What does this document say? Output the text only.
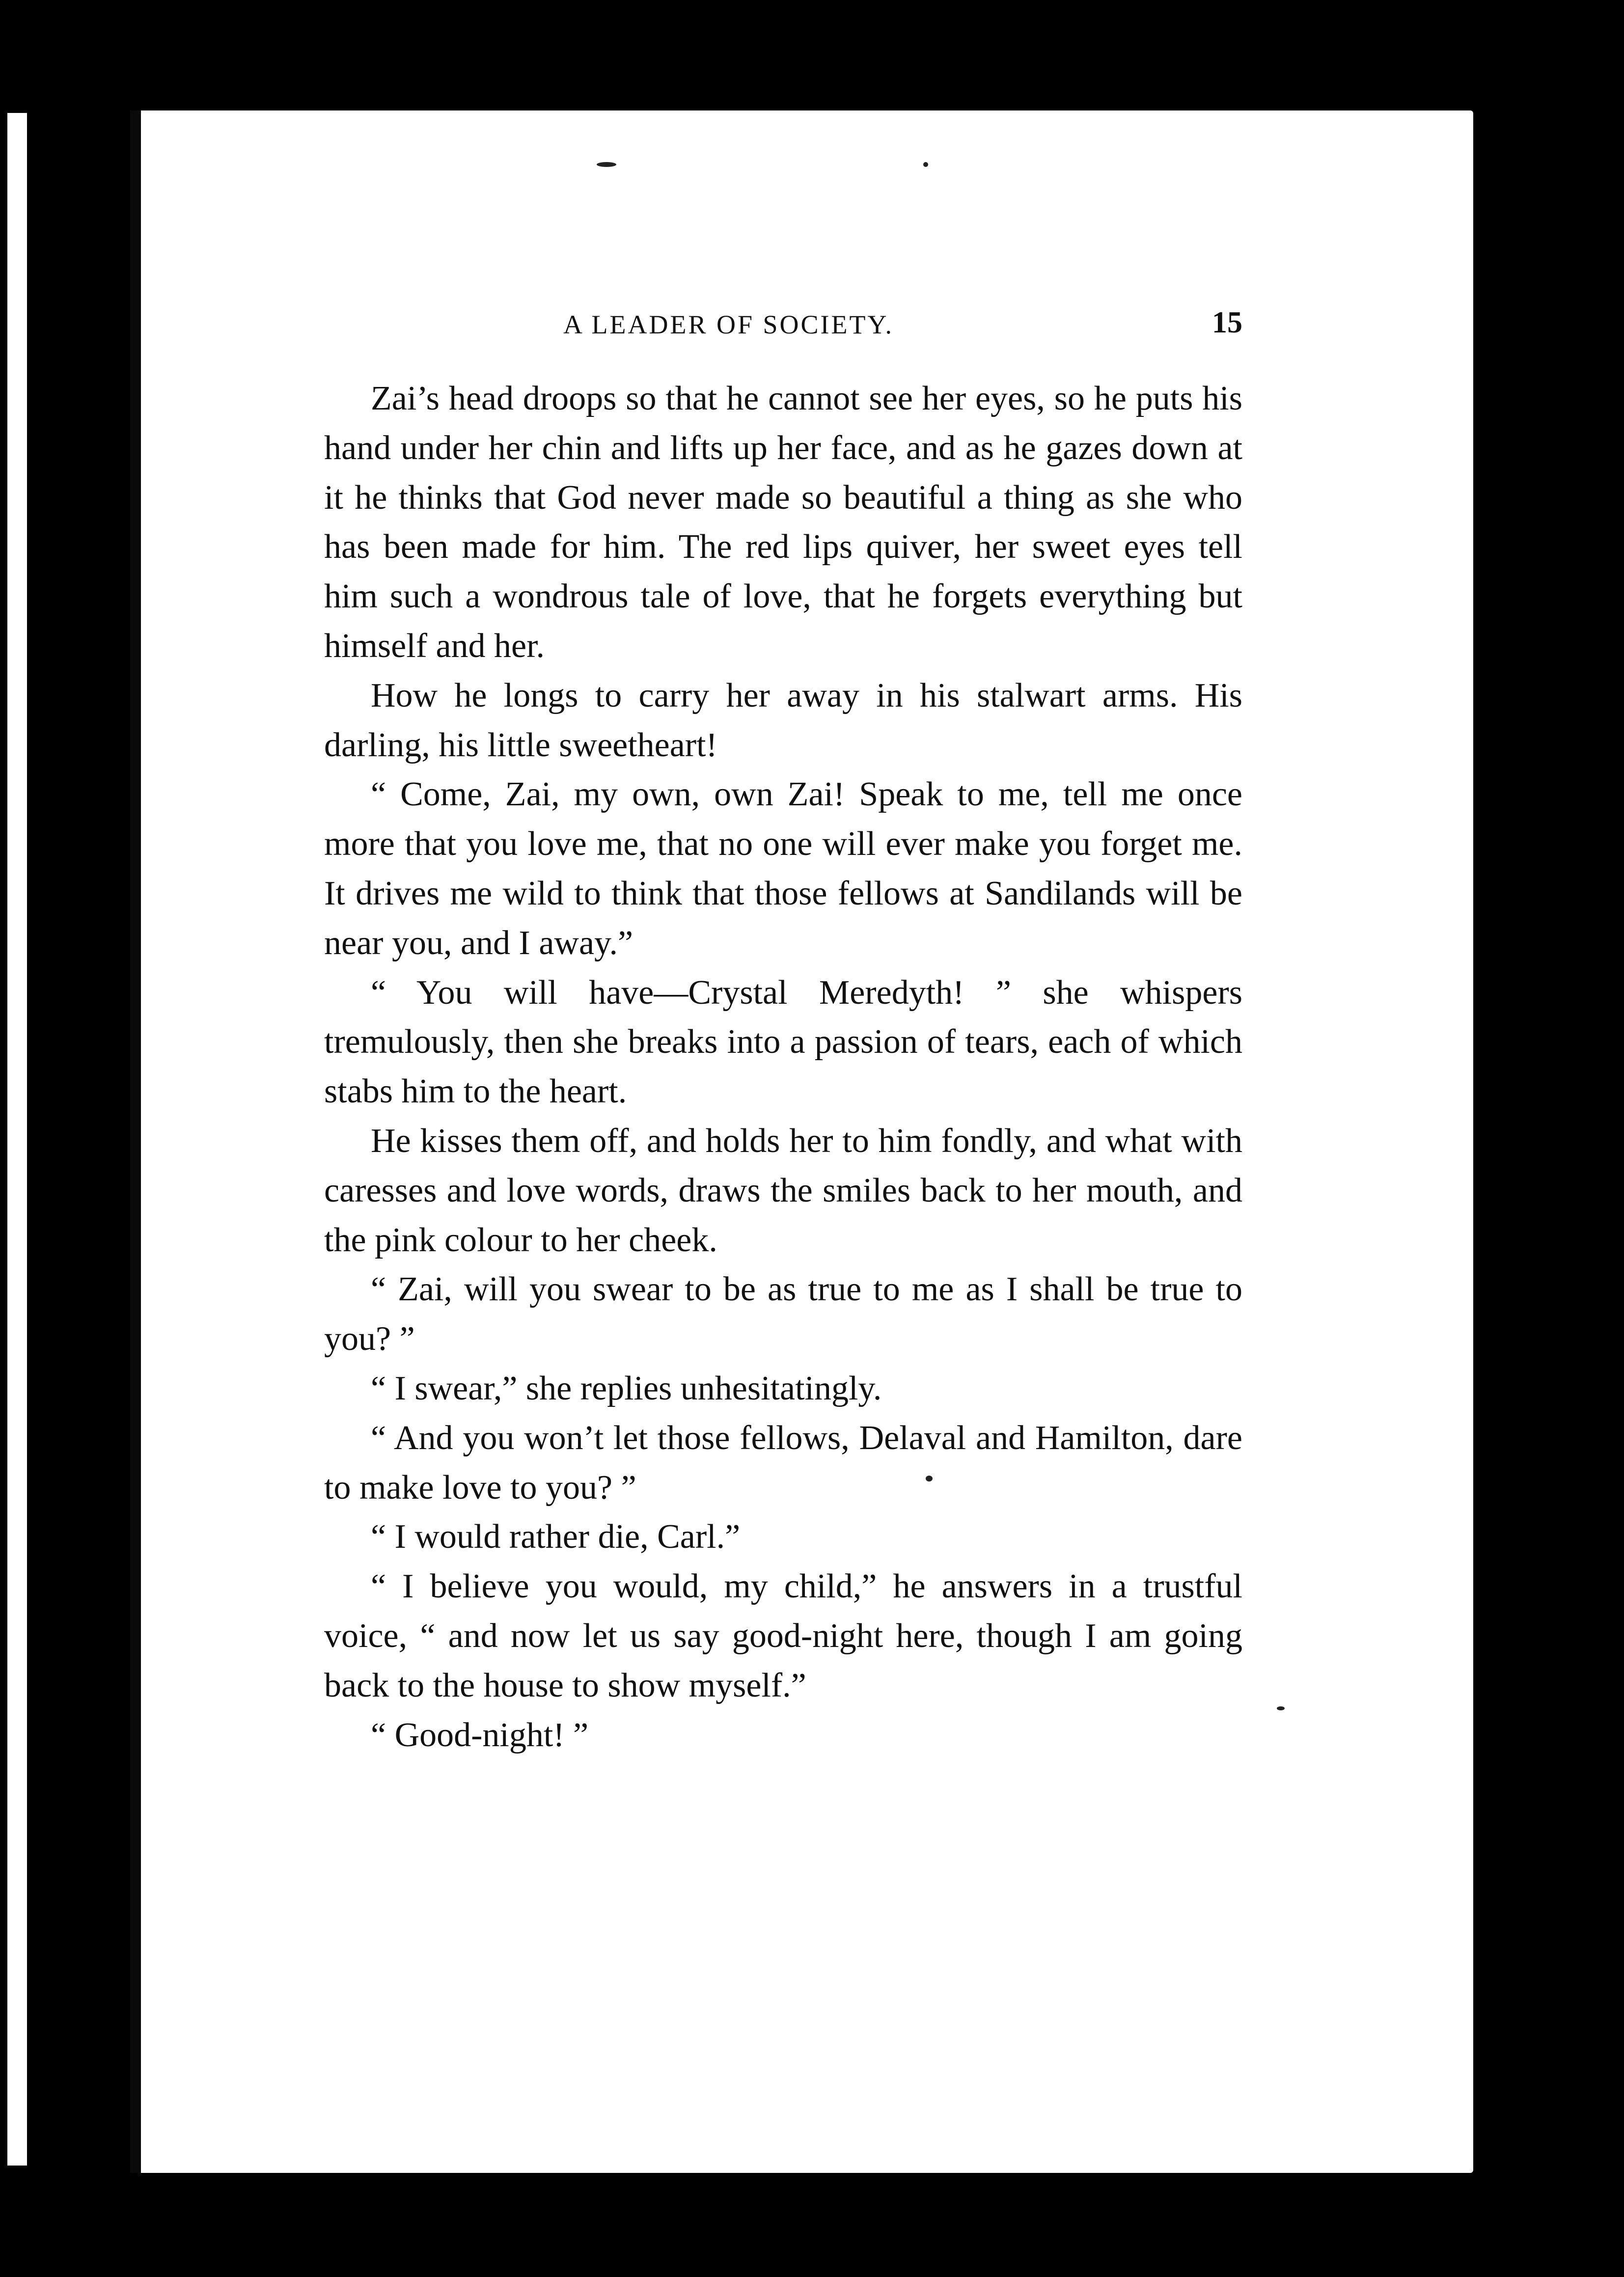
A LEADER OF SOCIETY.	15

Zai’s head droops so that he cannot see her eyes, so he puts his hand under her chin and lifts up her face, and as he gazes down at it he thinks that God never made so beautiful a thing as she who has been made for him. The red lips quiver, her sweet eyes tell him such a wondrous tale of love, that he forgets everything but himself and her.

How he longs to carry her away in his stalwart arms. His darling, his little sweetheart!

“ Come, Zai, my own, own Zai! Speak to me, tell me once more that you love me, that no one will ever make you forget me. It drives me wild to think that those fellows at Sandilands will be near you, and I away.”

“ You will have—Crystal Meredyth! ” she whispers tremulously, then she breaks into a passion of tears, each of which stabs him to the heart.

He kisses them off, and holds her to him fondly, and what with caresses and love words, draws the smiles back to her mouth, and the pink colour to her cheek.

“ Zai, will you swear to be as true to me as I shall be true to you? ”

“ I swear,” she replies unhesitatingly.

“ And you won’t let those fellows, Delaval and Hamilton, dare to make love to you? ”

“ I would rather die, Carl.”

“ I believe you would, my child,” he answers in a trustful voice, “ and now let us say good-night here, though I am going back to the house to show myself.”

“ Good-night! ”
